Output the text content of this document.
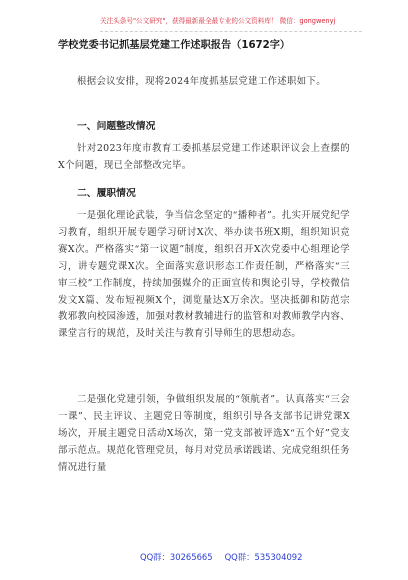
关注头条号"公文研究"，获得最新最全最专业的公文资料库！ 微信：gongwenyj
学校党委书记抓基层党建工作述职报告（1672字）

根据会议安排，现将2024年度抓基层党建工作述职如下。

一、问题整改情况

针对2023年度市教育工委抓基层党建工作述职评议会上查摆的X个问题，现已全部整改完毕。

二、履职情况

一是强化理论武装，争当信念坚定的“播种者”。扎实开展党纪学习教育，组织开展专题学习研讨X次、举办读书班X期，组织知识竞赛X次。严格落实“第一议题”制度，组织召开X次党委中心组理论学习，讲专题党课X次。全面落实意识形态工作责任制，严格落实“三审三校”工作制度，持续加强媒介的正面宣传和舆论引导，学校微信发文X篇、发布短视频X个，浏览量达X万余次。坚决抵御和防范宗教邪教向校园渗透，加强对教材教辅进行的监管和对教师教学内容、课堂言行的规范，及时关注与教育引导师生的思想动态。

二是强化党建引领，争做组织发展的“领航者”。认真落实“三会一课”、民主评议、主题党日等制度，组织引导各支部书记讲党课X场次，开展主题党日活动X场次，第一党支部被评选X“五个好”党支部示范点。规范化管理党员，每月对党员承诺践诺、完成党组织任务情况进行量

QQ群：30265665 QQ群：535304092
